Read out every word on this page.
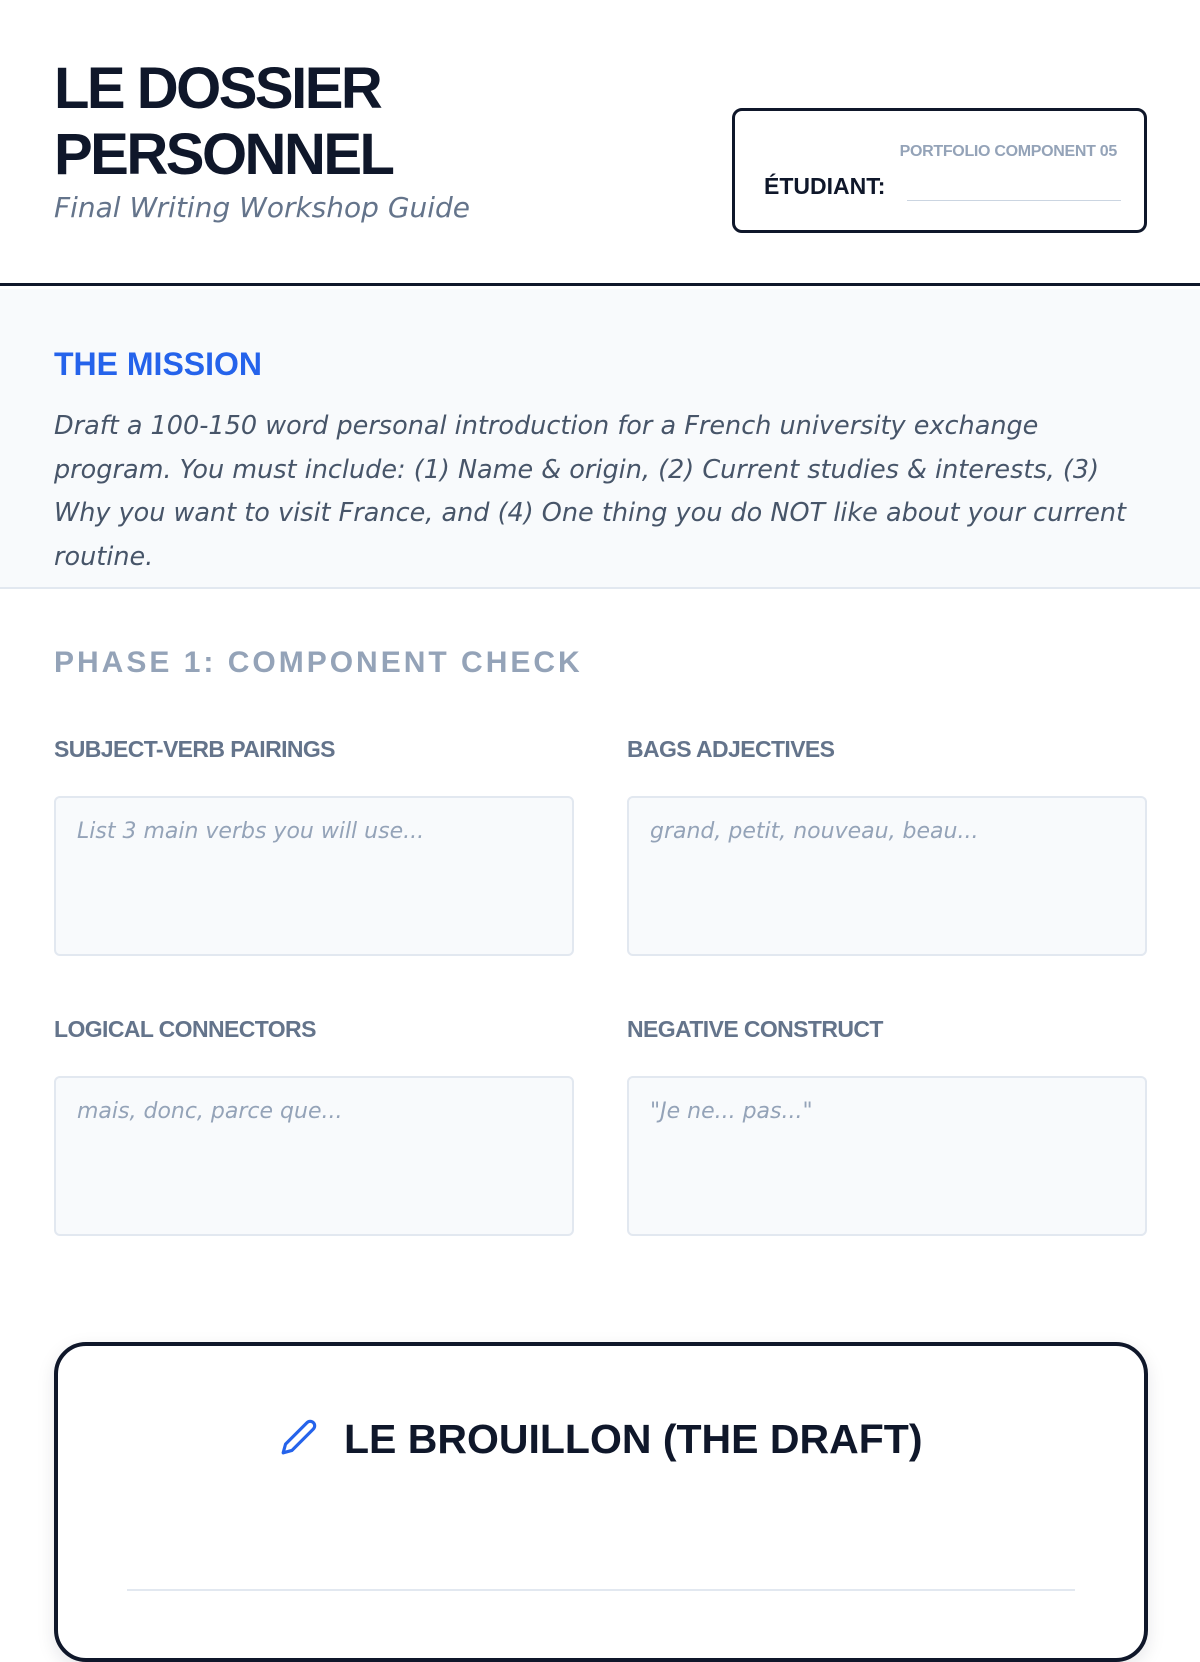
LE DOSSIER
PERSONNEL

Final Writing Workshop Guide

PORTFOLIO COMPONENT 05
ÉTUDIANT:
THE MISSION

Draft a 100-150 word personal introduction for a French university exchange program. You must include: (1) Name & origin, (2) Current studies & interests, (3) Why you want to visit France, and (4) One thing you do NOT like about your current routine.

PHASE 1: COMPONENT CHECK
SUBJECT-VERB PAIRINGS
List 3 main verbs you will use...
BAGS ADJECTIVES
grand, petit, nouveau, beau...
LOGICAL CONNECTORS
mais, donc, parce que...
NEGATIVE CONSTRUCT
"Je ne... pas..."
LE BROUILLON (THE DRAFT)
